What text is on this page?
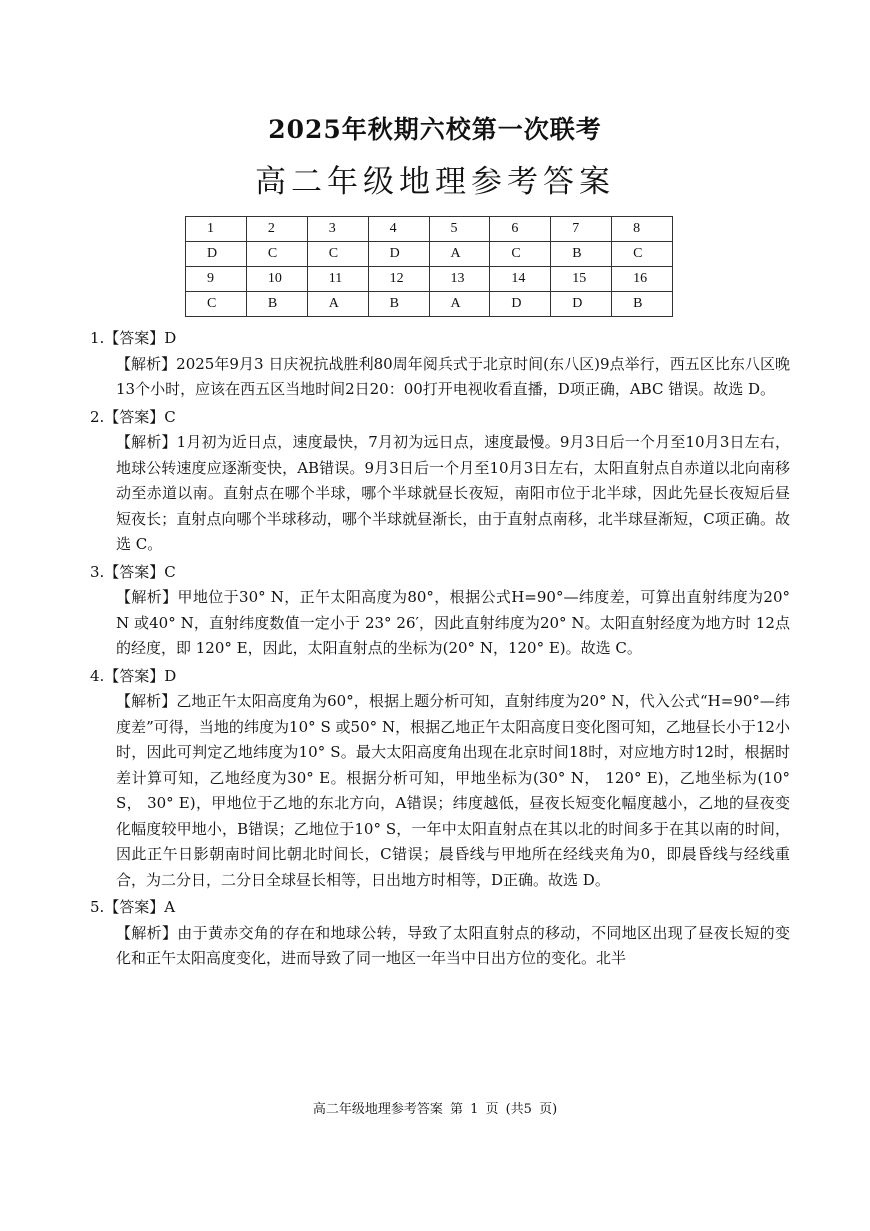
2025年秋期六校第一次联考
高二年级地理参考答案
1	2	3	4	5	6	7	8
D	C	C	D	A	C	B	C
9	10	11	12	13	14	15	16
C	B	A	B	A	D	D	B
1.【答案】D
【解析】2025年9月3 日庆祝抗战胜利80周年阅兵式于北京时间(东八区)9点举行，西五区比东八区晚13个小时，应该在西五区当地时间2日20：00打开电视收看直播，D项正确，ABC 错误。故选 D。
2.【答案】C
【解析】1月初为近日点，速度最快，7月初为远日点，速度最慢。9月3日后一个月至10月3日左右，地球公转速度应逐渐变快，AB错误。9月3日后一个月至10月3日左右，太阳直射点自赤道以北向南移动至赤道以南。直射点在哪个半球，哪个半球就昼长夜短，南阳市位于北半球，因此先昼长夜短后昼短夜长；直射点向哪个半球移动，哪个半球就昼渐长，由于直射点南移，北半球昼渐短，C项正确。故选 C。
3.【答案】C
【解析】甲地位于30° N，正午太阳高度为80°，根据公式H=90°—纬度差，可算出直射纬度为20° N 或40° N，直射纬度数值一定小于 23° 26′，因此直射纬度为20° N。太阳直射经度为地方时 12点的经度，即 120° E，因此，太阳直射点的坐标为(20° N，120° E)。故选 C。
4.【答案】D
【解析】乙地正午太阳高度角为60°，根据上题分析可知，直射纬度为20° N，代入公式“H=90°—纬度差”可得，当地的纬度为10° S 或50° N，根据乙地正午太阳高度日变化图可知，乙地昼长小于12小时，因此可判定乙地纬度为10° S。最大太阳高度角出现在北京时间18时，对应地方时12时，根据时差计算可知，乙地经度为30° E。根据分析可知，甲地坐标为(30° N， 120° E)，乙地坐标为(10° S， 30° E)，甲地位于乙地的东北方向，A错误；纬度越低，昼夜长短变化幅度越小，乙地的昼夜变化幅度较甲地小，B错误；乙地位于10° S，一年中太阳直射点在其以北的时间多于在其以南的时间，因此正午日影朝南时间比朝北时间长，C错误；晨昏线与甲地所在经线夹角为0，即晨昏线与经线重合，为二分日，二分日全球昼长相等，日出地方时相等，D正确。故选 D。
5.【答案】A
【解析】由于黄赤交角的存在和地球公转，导致了太阳直射点的移动，不同地区出现了昼夜长短的变化和正午太阳高度变化，进而导致了同一地区一年当中日出方位的变化。北半
高二年级地理参考答案 第 1 页 (共5 页)
